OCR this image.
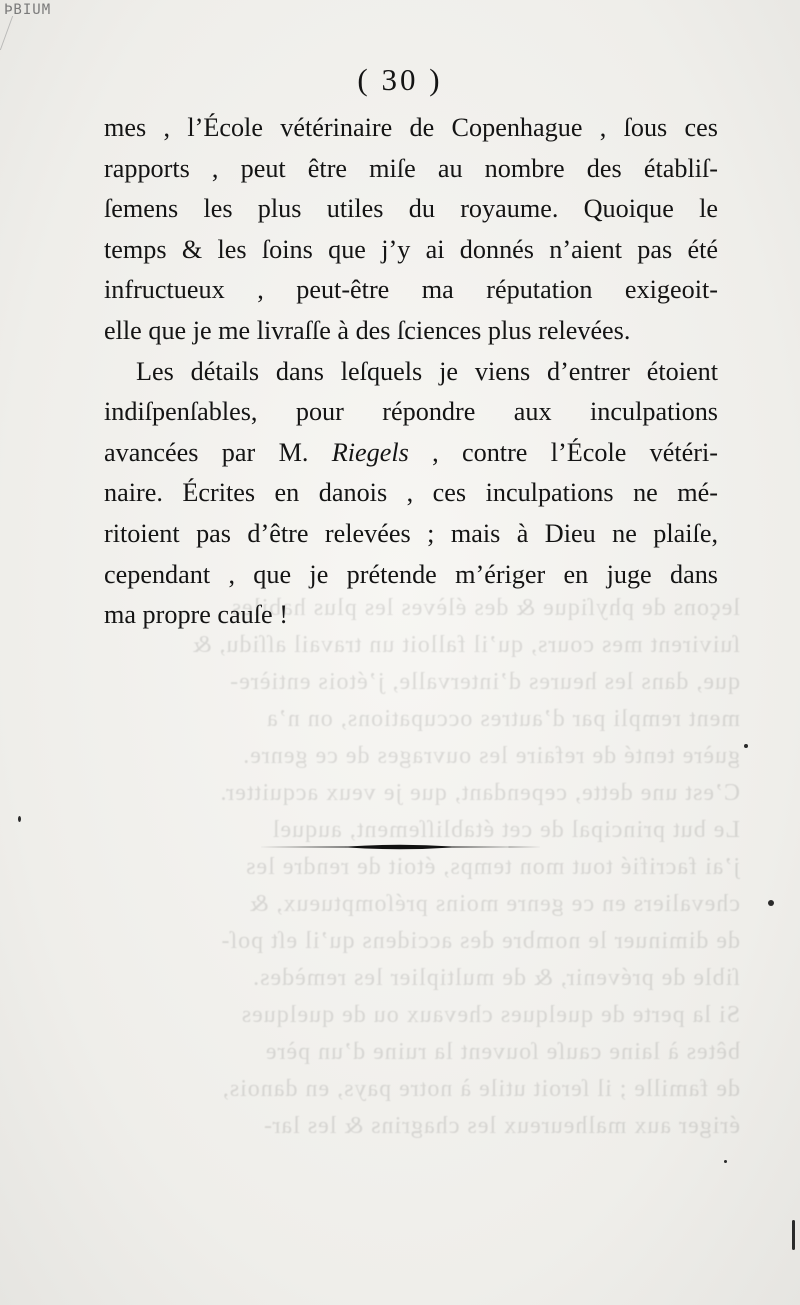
ÞBIUM
( 30 )
leçons de phyſique & des élèves les plus habiles
ſuivirent mes cours, qu’il falloit un travail aſſidu, &
que, dans les heures d’intervalle, j’étois entière-
ment rempli par d’autres occupations, on n’a
guère tenté de refaire les ouvrages de ce genre.
C’est une dette, cependant, que je veux acquitter.
Le but principal de cet établiſſement, auquel
j’ai facrifié tout mon temps, étoit de rendre les
chevaliers en ce genre moins préſomptueux, &
de diminuer le nombre des accidens qu’il eſt poſ-
ſible de prévenir, & de multiplier les remèdes.
Si la perte de quelques chevaux ou de quelques
bêtes à laine cauſe ſouvent la ruine d’un père
de famille ; il ſeroit utile à notre pays, en danois,
ériger aux malheureux les chagrins & les lar-
mes , l’École vétérinaire de Copenhague , ſous ces
rapports , peut être miſe au nombre des établiſ-
ſemens les plus utiles du royaume. Quoique le
temps & les ſoins que j’y ai donnés n’aient pas été
infructueux , peut-être ma réputation exigeoit-
elle que je me livraſſe à des ſciences plus relevées.
Les détails dans leſquels je viens d’entrer étoient
indiſpenſables, pour répondre aux inculpations
avancées par M. Riegels , contre l’École vétéri-
naire. Écrites en danois , ces inculpations ne mé-
ritoient pas d’être relevées ; mais à Dieu ne plaiſe,
cependant , que je prétende m’ériger en juge dans
ma propre cauſe !
